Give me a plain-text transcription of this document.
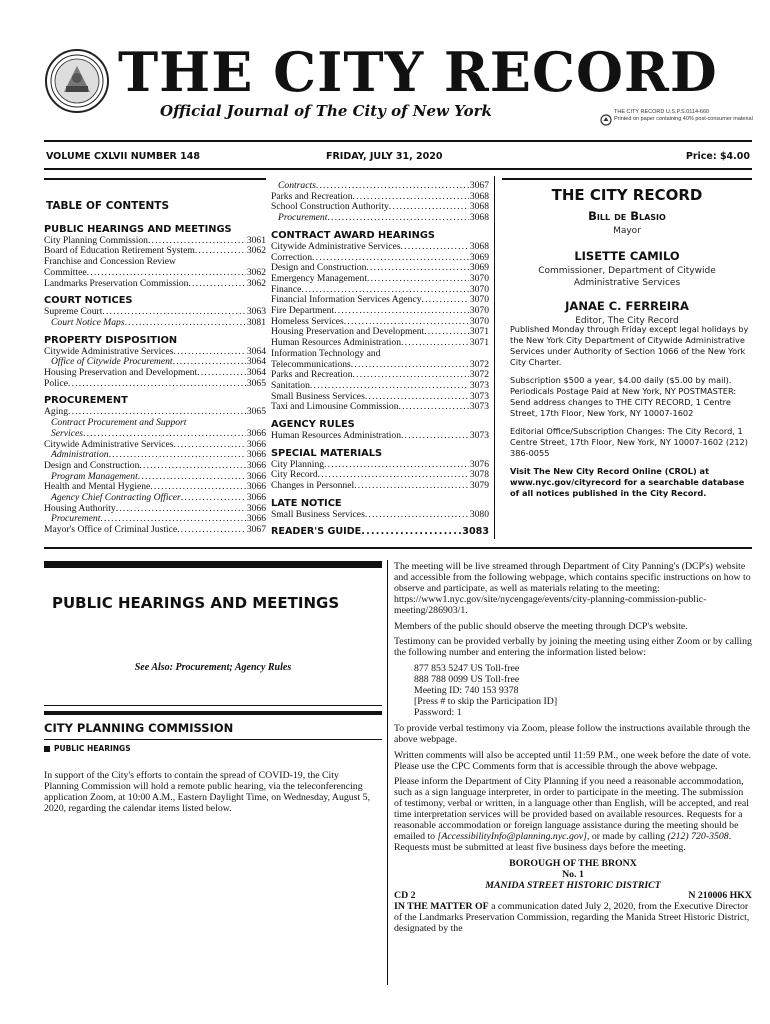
THE CITY RECORD
Official Journal of The City of New York	THE CITY RECORD U.S.P.S.0114-660
Printed on paper containing 40% post-consumer material
VOLUME CXLVII NUMBER 148	FRIDAY, JULY 31, 2020	Price: $4.00
TABLE OF CONTENTS
PUBLIC HEARINGS AND MEETINGS
City Planning Commission .....	3061
Board of Education Retirement System .....	3062
Franchise and Concession Review
Committee .....	3062
Landmarks Preservation Commission .....	3062
COURT NOTICES
Supreme Court .....	3063
Court Notice Maps .....	3081
PROPERTY DISPOSITION
Citywide Administrative Services .....	3064
Office of Citywide Procurement .....	3064
Housing Preservation and Development .....	3064
Police .....	3065
PROCUREMENT
Aging .....	3065
Contract Procurement and Support
Services .....	3066
Citywide Administrative Services .....	3066
Administration .....	3066
Design and Construction .....	3066
Program Management .....	3066
Health and Mental Hygiene .....	3066
Agency Chief Contracting Officer .....	3066
Housing Authority .....	3066
Procurement .....	3066
Mayor's Office of Criminal Justice .....	3067
Contracts .....	3067
Parks and Recreation .....	3068
School Construction Authority .....	3068
Procurement .....	3068
CONTRACT AWARD HEARINGS
Citywide Administrative Services .....	3068
Correction .....	3069
Design and Construction .....	3069
Emergency Management .....	3070
Finance .....	3070
Financial Information Services Agency .....	3070
Fire Department .....	3070
Homeless Services .....	3070
Housing Preservation and Development .....	3071
Human Resources Administration .....	3071
Information Technology and
Telecommunications .....	3072
Parks and Recreation .....	3072
Sanitation .....	3073
Small Business Services .....	3073
Taxi and Limousine Commission .....	3073
AGENCY RULES
Human Resources Administration .....	3073
SPECIAL MATERIALS
City Planning .....	3076
City Record .....	3078
Changes in Personnel .....	3079
LATE NOTICE
Small Business Services .....	3080
READER'S GUIDE .....	3083
THE CITY RECORD
Bill de Blasio
Mayor
LISETTE CAMILO
Commissioner, Department of Citywide Administrative Services
JANAE C. FERREIRA
Editor, The City Record

Published Monday through Friday except legal holidays by the New York City Department of Citywide Administrative Services under Authority of Section 1066 of the New York City Charter.

Subscription $500 a year, $4.00 daily ($5.00 by mail). Periodicals Postage Paid at New York, NY POSTMASTER: Send address changes to THE CITY RECORD, 1 Centre Street, 17th Floor, New York, NY 10007-1602

Editorial Office/Subscription Changes: The City Record, 1 Centre Street, 17th Floor, New York, NY 10007-1602 (212) 386-0055

Visit The New City Record Online (CROL) at www.nyc.gov/cityrecord for a searchable database of all notices published in the City Record.

PUBLIC HEARINGS AND MEETINGS
See Also: Procurement; Agency Rules
CITY PLANNING COMMISSION
PUBLIC HEARINGS
In support of the City's efforts to contain the spread of COVID-19, the City Planning Commission will hold a remote public hearing, via the teleconferencing application Zoom, at 10:00 A.M., Eastern Daylight Time, on Wednesday, August 5, 2020, regarding the calendar items listed below.

The meeting will be live streamed through Department of City Panning's (DCP's) website and accessible from the following webpage, which contains specific instructions on how to observe and participate, as well as materials relating to the meeting: https://www1.nyc.gov/site/nycengage/events/city-planning-commission-public-meeting/286903/1.

Members of the public should observe the meeting through DCP's website.

Testimony can be provided verbally by joining the meeting using either Zoom or by calling the following number and entering the information listed below:

877 853 5247 US Toll-free
888 788 0099 US Toll-free
Meeting ID: 740 153 9378
[Press # to skip the Participation ID]
Password: 1

To provide verbal testimony via Zoom, please follow the instructions available through the above webpage.

Written comments will also be accepted until 11:59 P.M., one week before the date of vote. Please use the CPC Comments form that is accessible through the above webpage.

Please inform the Department of City Planning if you need a reasonable accommodation, such as a sign language interpreter, in order to participate in the meeting. The submission of testimony, verbal or written, in a language other than English, will be accepted, and real time interpretation services will be provided based on available resources. Requests for a reasonable accommodation or foreign language assistance during the meeting should be emailed to [AccessibilityInfo@planning.nyc.gov], or made by calling (212) 720-3508. Requests must be submitted at least five business days before the meeting.

BOROUGH OF THE BRONX
No. 1
MANIDA STREET HISTORIC DISTRICT
CD 2	N 210006 HKX
IN THE MATTER OF a communication dated July 2, 2020, from the Executive Director of the Landmarks Preservation Commission, regarding the Manida Street Historic District, designated by the
